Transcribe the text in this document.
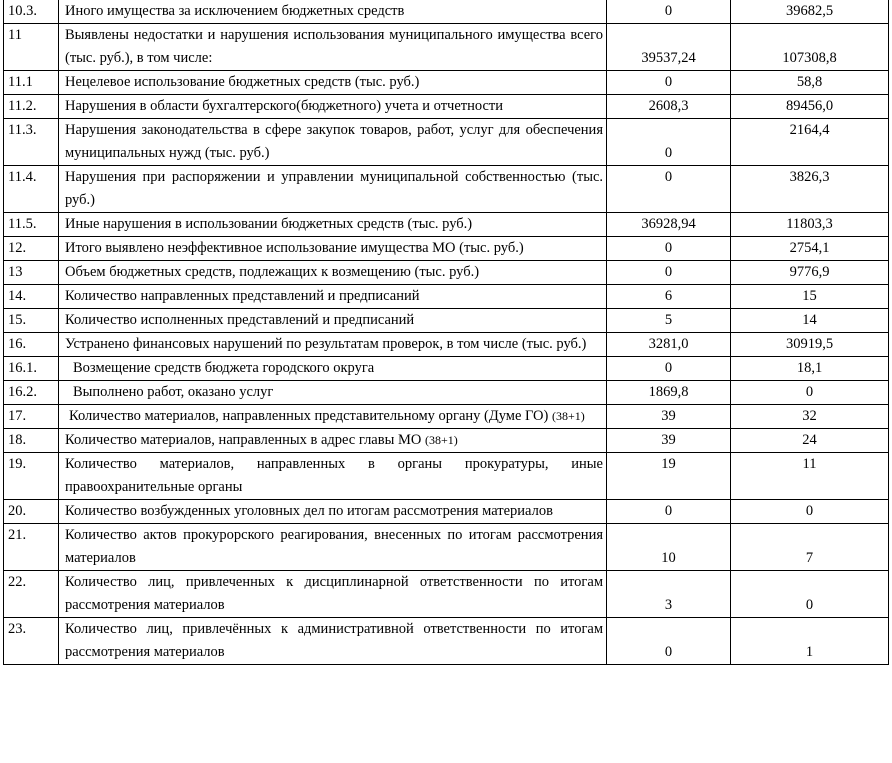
10.3.	Иного имущества за исключением бюджетных средств	0	39682,5
11	Выявлены недостатки и нарушения использования муниципального имущества всего (тыс. руб.), в том числе:	39537,24	107308,8
11.1	Нецелевое использование бюджетных средств (тыс. руб.)	0	58,8
11.2.	Нарушения в области бухгалтерского(бюджетного) учета и отчетности	2608,3	89456,0
11.3.	Нарушения законодательства в сфере закупок товаров, работ, услуг для обеспечения муниципальных нужд (тыс. руб.)	0	2164,4
11.4.	Нарушения при распоряжении и управлении муниципальной собственностью (тыс. руб.)	0	3826,3
11.5.	Иные нарушения в использовании бюджетных средств (тыс. руб.)	36928,94	11803,3
12.	Итого выявлено неэффективное использование имущества МО (тыс. руб.)	0	2754,1
13	Объем бюджетных средств, подлежащих к возмещению (тыс. руб.)	0	9776,9
14.	Количество направленных представлений и предписаний	6	15
15.	Количество исполненных представлений и предписаний	5	14
16.	Устранено финансовых нарушений по результатам проверок, в том числе (тыс. руб.)	3281,0	30919,5
16.1.	Возмещение средств бюджета городского округа	0	18,1
16.2.	Выполнено работ, оказано услуг	1869,8	0
17.	Количество материалов, направленных представительному органу (Думе ГО) (38+1)	39	32
18.	Количество материалов, направленных в адрес главы МО (38+1)	39	24
19.	Количество материалов, направленных в органы прокуратуры, иные правоохранительные органы	19	11
20.	Количество возбужденных уголовных дел по итогам рассмотрения материалов	0	0
21.	Количество актов прокурорского реагирования, внесенных по итогам рассмотрения материалов	10	7
22.	Количество лиц, привлеченных к дисциплинарной ответственности по итогам рассмотрения материалов	3	0
23.	Количество лиц, привлечённых к административной ответственности по итогам рассмотрения материалов	0	1
